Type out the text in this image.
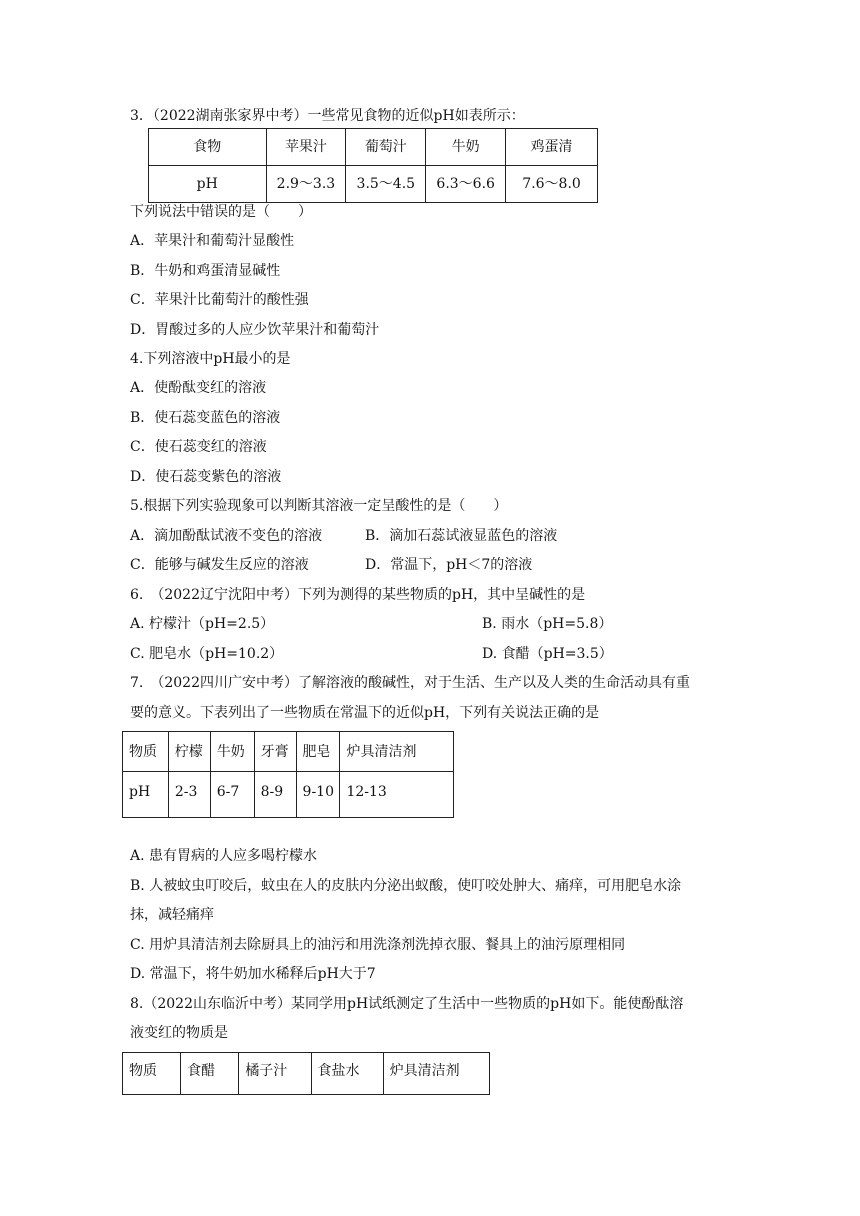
3．（2022湖南张家界中考）一些常见食物的近似pH如表所示：
食物	苹果汁	葡萄汁	牛奶	鸡蛋清
pH	2.9～3.3	3.5～4.5	6.3～6.6	7.6～8.0
下列说法中错误的是（　　）
A．苹果汁和葡萄汁显酸性
B．牛奶和鸡蛋清显碱性
C．苹果汁比葡萄汁的酸性强
D．胃酸过多的人应少饮苹果汁和葡萄汁
4.下列溶液中pH最小的是
A．使酚酞变红的溶液
B．使石蕊变蓝色的溶液
C．使石蕊变红的溶液
D．使石蕊变紫色的溶液
5.根据下列实验现象可以判断其溶液一定呈酸性的是（　　）
A．滴加酚酞试液不变色的溶液	B．滴加石蕊试液显蓝色的溶液
C．能够与碱发生反应的溶液	D．常温下，pH＜7的溶液
6.　（2022辽宁沈阳中考）下列为测得的某些物质的pH，其中呈碱性的是
A. 柠檬汁（pH=2.5）	B. 雨水（pH=5.8）
C. 肥皂水（pH=10.2）	D. 食醋（pH=3.5）
7.　（2022四川广安中考）了解溶液的酸碱性，对于生活、生产以及人类的生命活动具有重
要的意义。下表列出了一些物质在常温下的近似pH，下列有关说法正确的是
物质	柠檬	牛奶	牙膏	肥皂	炉具清洁剂
pH	2-3	6-7	8-9	9-10	12-13
A. 患有胃病的人应多喝柠檬水
B. 人被蚊虫叮咬后，蚊虫在人的皮肤内分泌出蚁酸，使叮咬处肿大、痛痒，可用肥皂水涂
抹，减轻痛痒
C. 用炉具清洁剂去除厨具上的油污和用洗涤剂洗掉衣服、餐具上的油污原理相同
D. 常温下，将牛奶加水稀释后pH大于7
8.（2022山东临沂中考）某同学用pH试纸测定了生活中一些物质的pH如下。能使酚酞溶
液变红的物质是
物质	食醋	橘子汁	食盐水	炉具清洁剂
